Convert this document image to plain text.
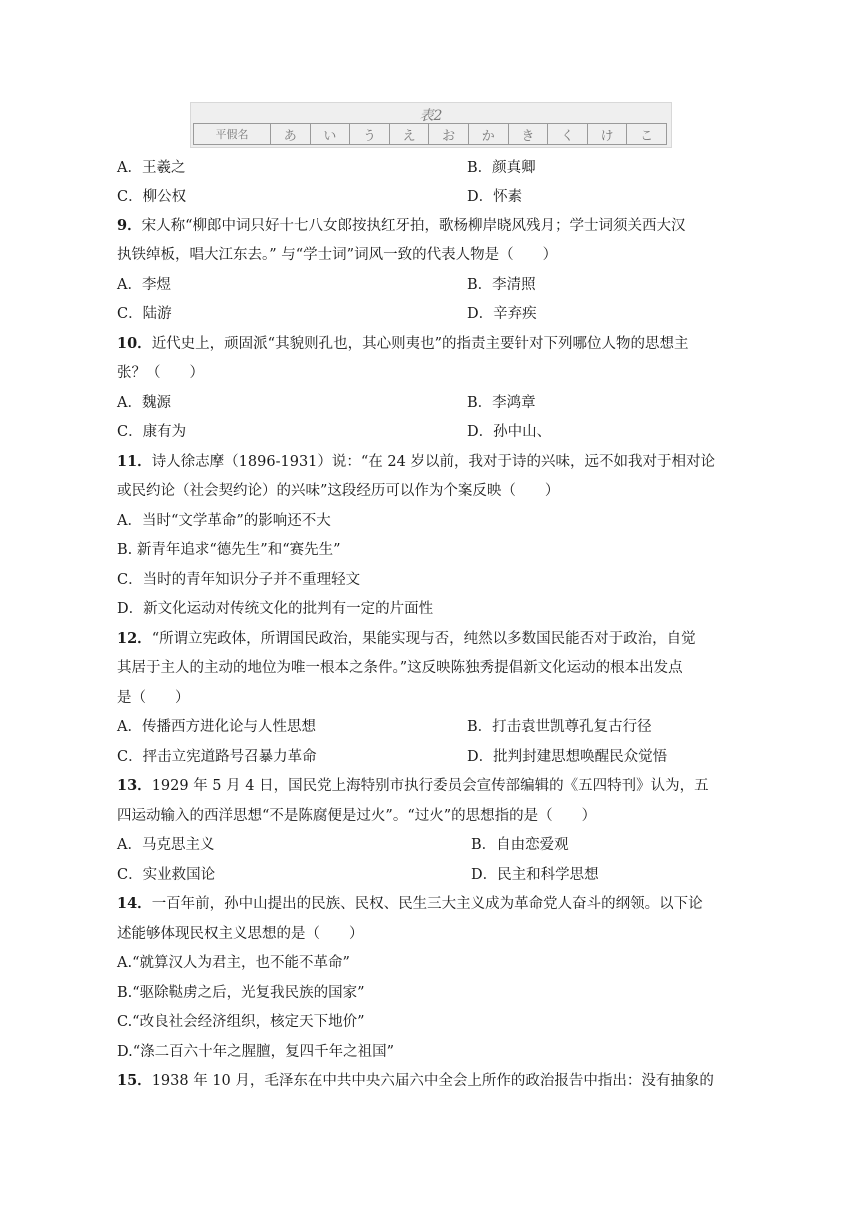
表2
平假名	あ	い	う	え	お	か	き	く	け	こ
A．王羲之	B．颜真卿
C．柳公权	D．怀素
9．宋人称“柳郎中词只好十七八女郎按执红牙拍，歌杨柳岸晓风残月；学士词须关西大汉
执铁绰板，唱大江东去。” 与“学士词”词风一致的代表人物是（　　）
A．李煜	B．李清照
C．陆游	D．辛弃疾
10．近代史上，顽固派“其貌则孔也，其心则夷也”的指责主要针对下列哪位人物的思想主
张？（　　）
A．魏源	B．李鸿章
C．康有为	D．孙中山、
11．诗人徐志摩（1896-1931）说：“在 24 岁以前，我对于诗的兴味，远不如我对于相对论
或民约论（社会契约论）的兴味”这段经历可以作为个案反映（　　）
A．当时“文学革命”的影响还不大
B. 新青年追求“德先生”和“赛先生”
C．当时的青年知识分子并不重理轻文
D．新文化运动对传统文化的批判有一定的片面性
12．“所谓立宪政体，所谓国民政治，果能实现与否，纯然以多数国民能否对于政治，自觉
其居于主人的主动的地位为唯一根本之条件。”这反映陈独秀提倡新文化运动的根本出发点
是（　　）
A．传播西方进化论与人性思想	B．打击袁世凯尊孔复古行径
C．抨击立宪道路号召暴力革命	D．批判封建思想唤醒民众觉悟
13．1929 年 5 月 4 日，国民党上海特别市执行委员会宣传部编辑的《五四特刊》认为，五
四运动输入的西洋思想“不是陈腐便是过火”。“过火”的思想指的是（　　）
A．马克思主义	B．自由恋爱观
C．实业救国论	D．民主和科学思想
14．一百年前，孙中山提出的民族、民权、民生三大主义成为革命党人奋斗的纲领。以下论
述能够体现民权主义思想的是（　　）
A.“就算汉人为君主，也不能不革命”
B.“驱除鞑虏之后，光复我民族的国家”
C.“改良社会经济组织，核定天下地价”
D.“涤二百六十年之腥膻，复四千年之祖国”
15．1938 年 10 月，毛泽东在中共中央六届六中全会上所作的政治报告中指出：没有抽象的
